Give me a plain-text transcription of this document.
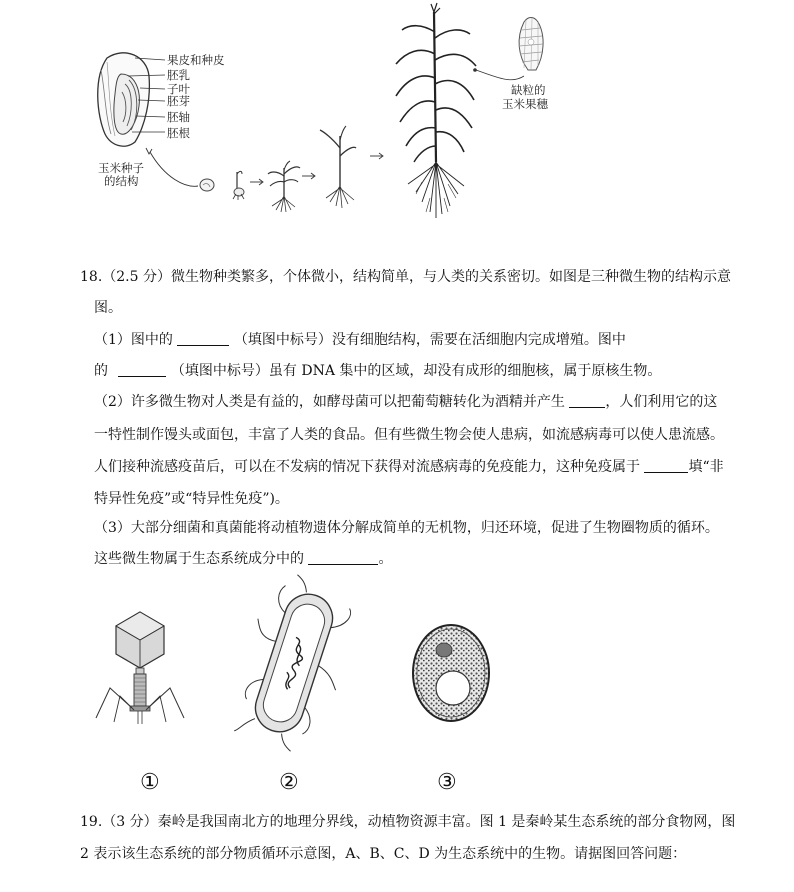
果皮和种皮
胚乳
子叶
胚芽
胚轴
胚根
玉米种子
的结构
缺粒的
玉米果穗
18.（2.5 分）微生物种类繁多，个体微小，结构简单，与人类的关系密切。如图是三种微生物的结构示意
图。
（1）图中的	（填图中标号）没有细胞结构，需要在活细胞内完成增殖。图中
的	（填图中标号）虽有 DNA 集中的区域，却没有成形的细胞核，属于原核生物。
（2）许多微生物对人类是有益的，如酵母菌可以把葡萄糖转化为酒精并产生	，人们利用它的这
一特性制作馒头或面包，丰富了人类的食品。但有些微生物会使人患病，如流感病毒可以使人患流感。
人们接种流感疫苗后，可以在不发病的情况下获得对流感病毒的免疫能力，这种免疫属于	填“非
特异性免疫”或“特异性免疫”)。
（3）大部分细菌和真菌能将动植物遗体分解成简单的无机物，归还环境，促进了生物圈物质的循环。
这些微生物属于生态系统成分中的	。
①	②	③
19.（3 分）秦岭是我国南北方的地理分界线，动植物资源丰富。图 1 是秦岭某生态系统的部分食物网，图
2 表示该生态系统的部分物质循环示意图，A、B、C、D 为生态系统中的生物。请据图回答问题：
